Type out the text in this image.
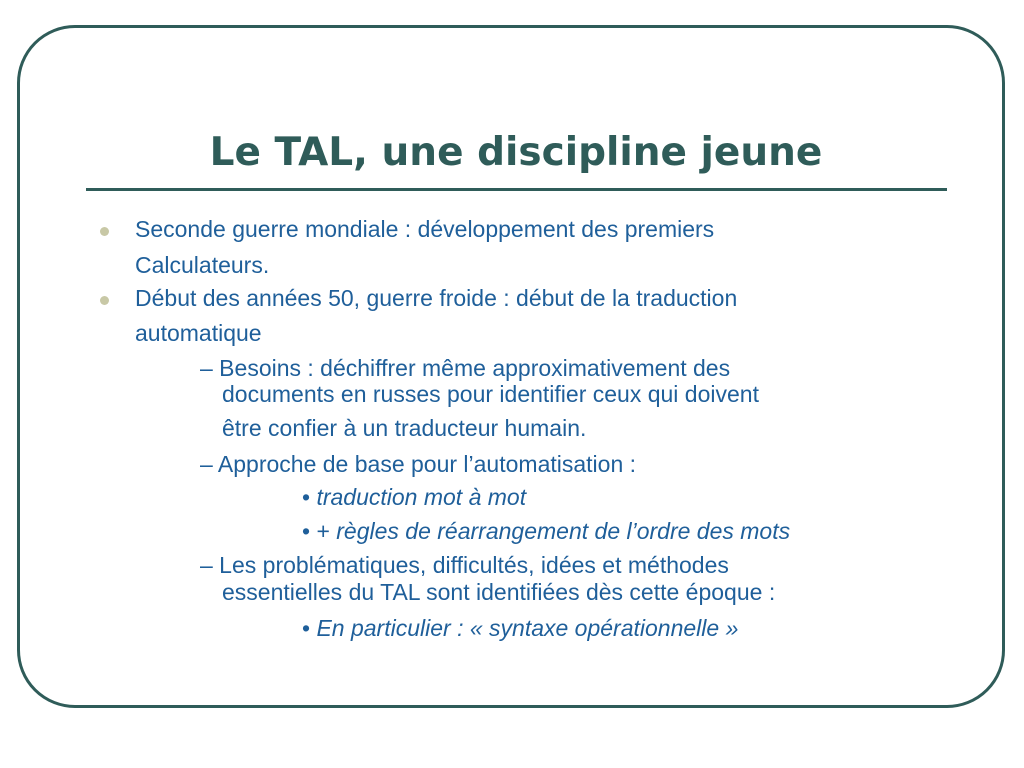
Le TAL, une discipline jeune
Seconde guerre mondiale : développement des premiers
Calculateurs.
Début des années 50, guerre froide : début de la traduction
automatique
– Besoins : déchiffrer même approximativement des
documents en russes pour identifier ceux qui doivent
être confier à un traducteur humain.
– Approche de base pour l’automatisation :
• traduction mot à mot
• + règles de réarrangement de l’ordre des mots
– Les problématiques, difficultés, idées et méthodes
essentielles du TAL sont identifiées dès cette époque :
• En particulier : « syntaxe opérationnelle »
